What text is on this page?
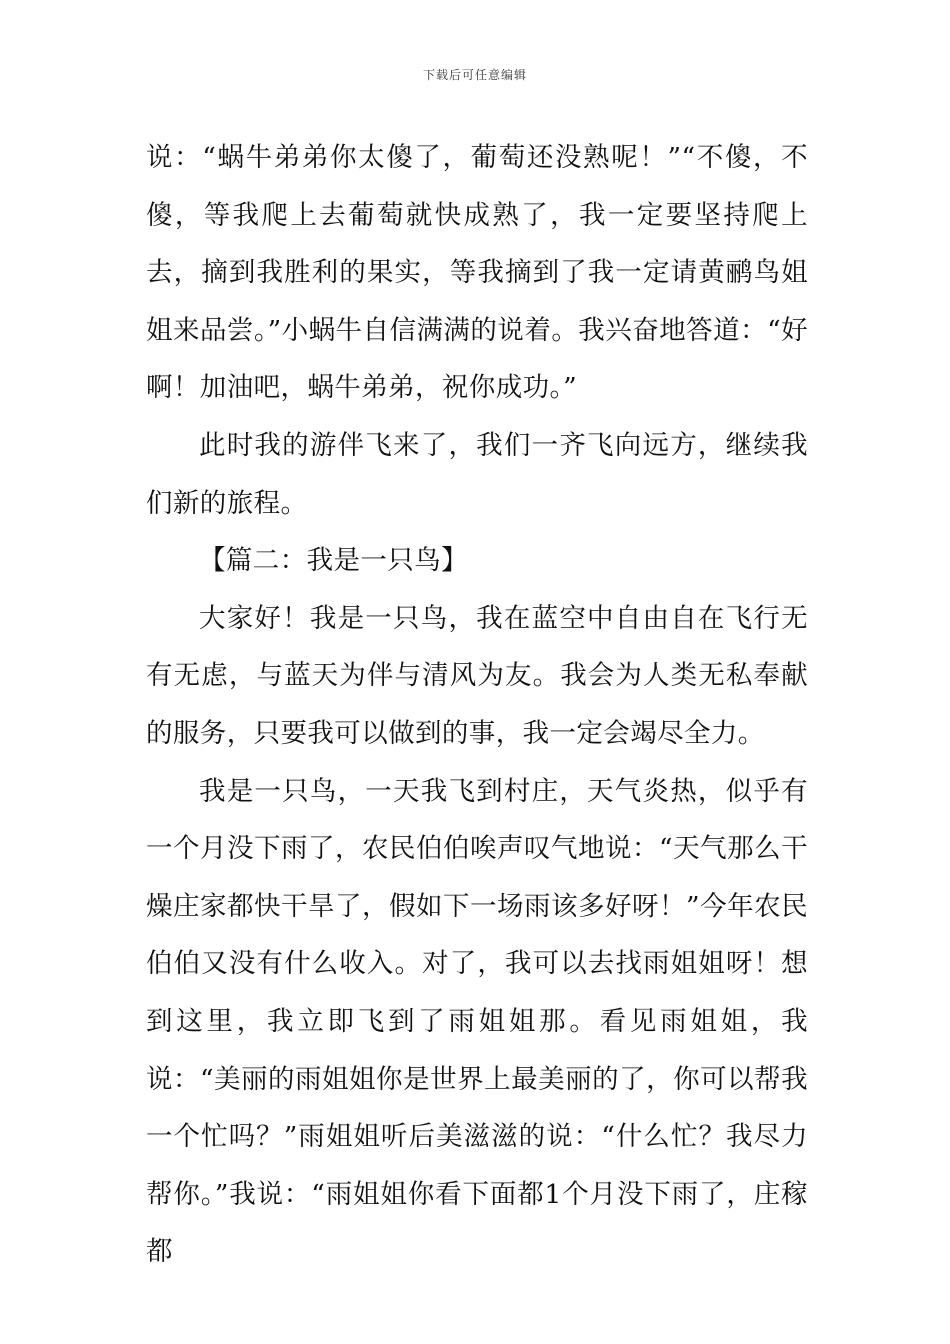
下载后可任意编辑

说：“蜗牛弟弟你太傻了，葡萄还没熟呢！”“不傻，不傻，等我爬上去葡萄就快成熟了，我一定要坚持爬上去，摘到我胜利的果实，等我摘到了我一定请黄鹂鸟姐姐来品尝。”小蜗牛自信满满的说着。我兴奋地答道：“好啊！加油吧，蜗牛弟弟，祝你成功。”

此时我的游伴飞来了，我们一齐飞向远方，继续我们新的旅程。

【篇二：我是一只鸟】

大家好！我是一只鸟，我在蓝空中自由自在飞行无有无虑，与蓝天为伴与清风为友。我会为人类无私奉献的服务，只要我可以做到的事，我一定会竭尽全力。

我是一只鸟，一天我飞到村庄，天气炎热，似乎有一个月没下雨了，农民伯伯唉声叹气地说：“天气那么干燥庄家都快干旱了，假如下一场雨该多好呀！”今年农民伯伯又没有什么收入。对了，我可以去找雨姐姐呀！想到这里，我立即飞到了雨姐姐那。看见雨姐姐，我说：“美丽的雨姐姐你是世界上最美丽的了，你可以帮我一个忙吗？”雨姐姐听后美滋滋的说：“什么忙？我尽力帮你。”我说：“雨姐姐你看下面都1个月没下雨了，庄稼都
